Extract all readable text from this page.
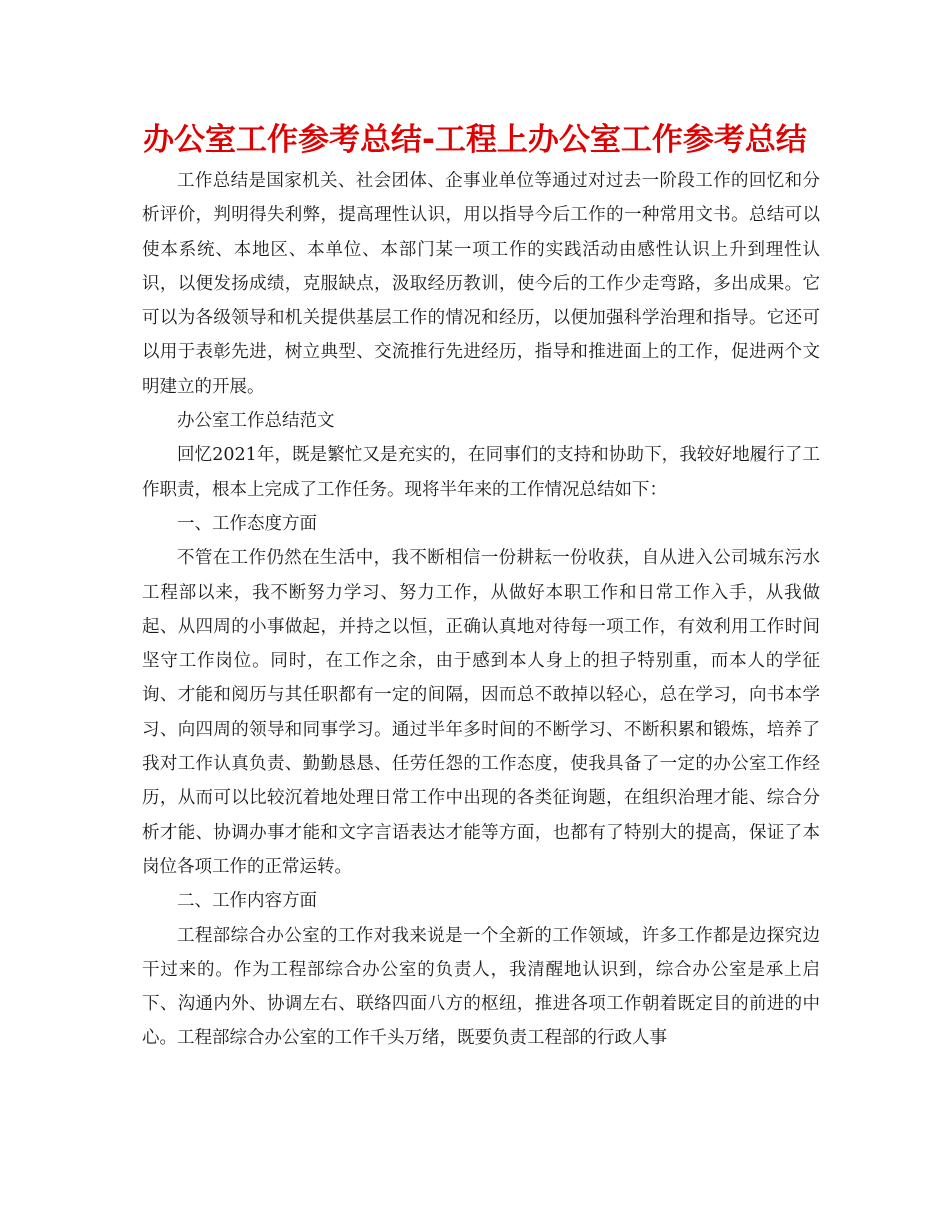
办公室工作参考总结-工程上办公室工作参考总结

工作总结是国家机关、社会团体、企事业单位等通过对过去一阶段工作的回忆和分析评价，判明得失利弊，提高理性认识，用以指导今后工作的一种常用文书。总结可以使本系统、本地区、本单位、本部门某一项工作的实践活动由感性认识上升到理性认识，以便发扬成绩，克服缺点，汲取经历教训，使今后的工作少走弯路，多出成果。它可以为各级领导和机关提供基层工作的情况和经历，以便加强科学治理和指导。它还可以用于表彰先进，树立典型、交流推行先进经历，指导和推进面上的工作，促进两个文明建立的开展。

办公室工作总结范文

回忆2021年，既是繁忙又是充实的，在同事们的支持和协助下，我较好地履行了工作职责，根本上完成了工作任务。现将半年来的工作情况总结如下：

一、工作态度方面

不管在工作仍然在生活中，我不断相信一份耕耘一份收获，自从进入公司城东污水工程部以来，我不断努力学习、努力工作，从做好本职工作和日常工作入手，从我做起、从四周的小事做起，并持之以恒，正确认真地对待每一项工作，有效利用工作时间坚守工作岗位。同时，在工作之余，由于感到本人身上的担子特别重，而本人的学征询、才能和阅历与其任职都有一定的间隔，因而总不敢掉以轻心，总在学习，向书本学习、向四周的领导和同事学习。通过半年多时间的不断学习、不断积累和锻炼，培养了我对工作认真负责、勤勤恳恳、任劳任怨的工作态度，使我具备了一定的办公室工作经历，从而可以比较沉着地处理日常工作中出现的各类征询题，在组织治理才能、综合分析才能、协调办事才能和文字言语表达才能等方面，也都有了特别大的提高，保证了本岗位各项工作的正常运转。

二、工作内容方面

工程部综合办公室的工作对我来说是一个全新的工作领域，许多工作都是边探究边干过来的。作为工程部综合办公室的负责人，我清醒地认识到，综合办公室是承上启下、沟通内外、协调左右、联络四面八方的枢纽，推进各项工作朝着既定目的前进的中心。工程部综合办公室的工作千头万绪，既要负责工程部的行政人事
